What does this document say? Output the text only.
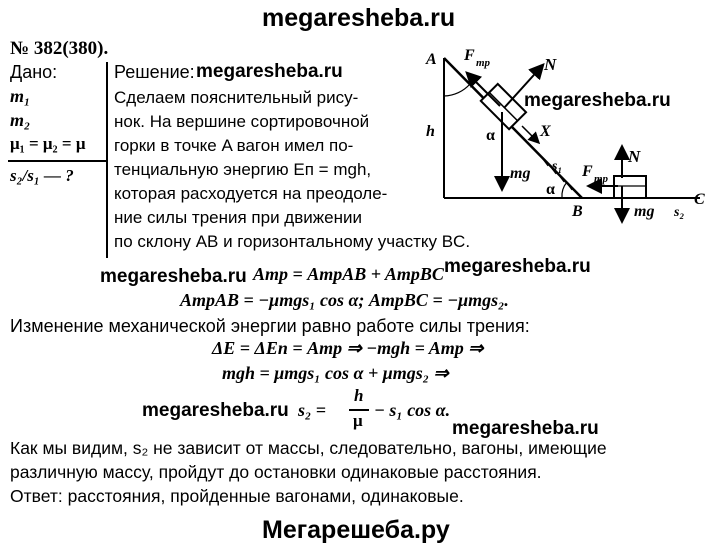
megaresheba.ru
№ 382(380).
Дано:
m₁
m₂
μ₁ = μ₂ = μ
s₂/s₁ — ?
Решение: megaresheba.ru
Сделаем пояснительный рису-
нок. На вершине сортировочной
горки в точке A вагон имел по-
тенциальную энергию Eп = mgh,
которая расходуется на преодоле-
ние силы трения при движении
по склону AB и горизонтальному участку BC.
A
h
F тр	N
X
α
mg s₁
α
B
F тр
N
mg s₂
C
megaresheba.ru
megaresheba.ru Aтр = AтрAB + AтрBC megaresheba.ru
AтрAB = −μmgs₁ cos α; AтрBC = −μmgs₂.
Изменение механической энергии равно работе силы трения:
ΔE = ΔEп = Aтр ⇒ −mgh = Aтр ⇒
mgh = μmgs₁ cos α + μmgs₂ ⇒
megaresheba.ru s₂ =
h
μ
− s₁ cos α.
megaresheba.ru
Как мы видим, s₂ не зависит от массы, следовательно, вагоны, имеющие
различную массу, пройдут до остановки одинаковые расстояния.
Ответ: расстояния, пройденные вагонами, одинаковые.
Мегарешеба.ру
